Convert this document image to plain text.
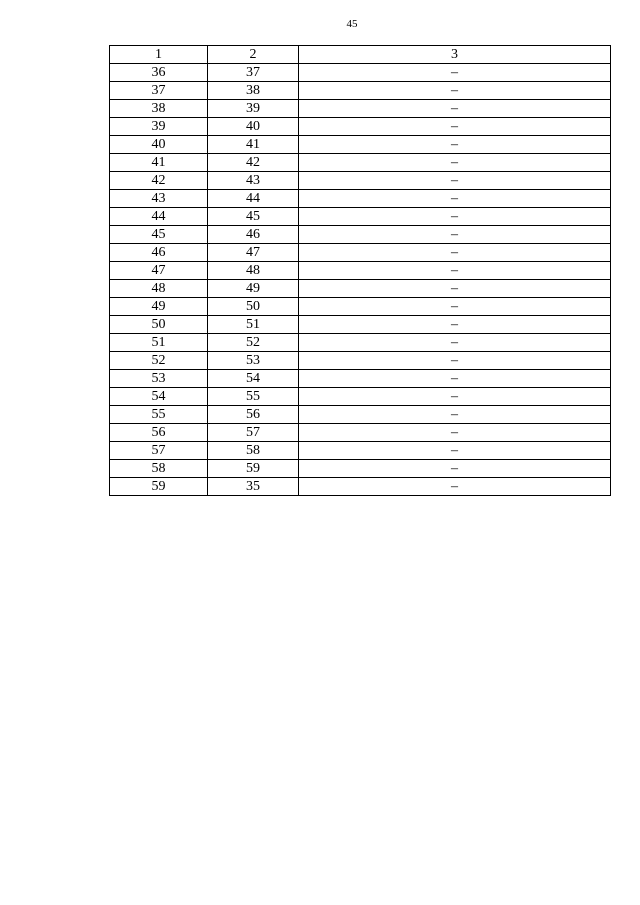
45
1	2	3
36	37	–
37	38	–
38	39	–
39	40	–
40	41	–
41	42	–
42	43	–
43	44	–
44	45	–
45	46	–
46	47	–
47	48	–
48	49	–
49	50	–
50	51	–
51	52	–
52	53	–
53	54	–
54	55	–
55	56	–
56	57	–
57	58	–
58	59	–
59	35	–
